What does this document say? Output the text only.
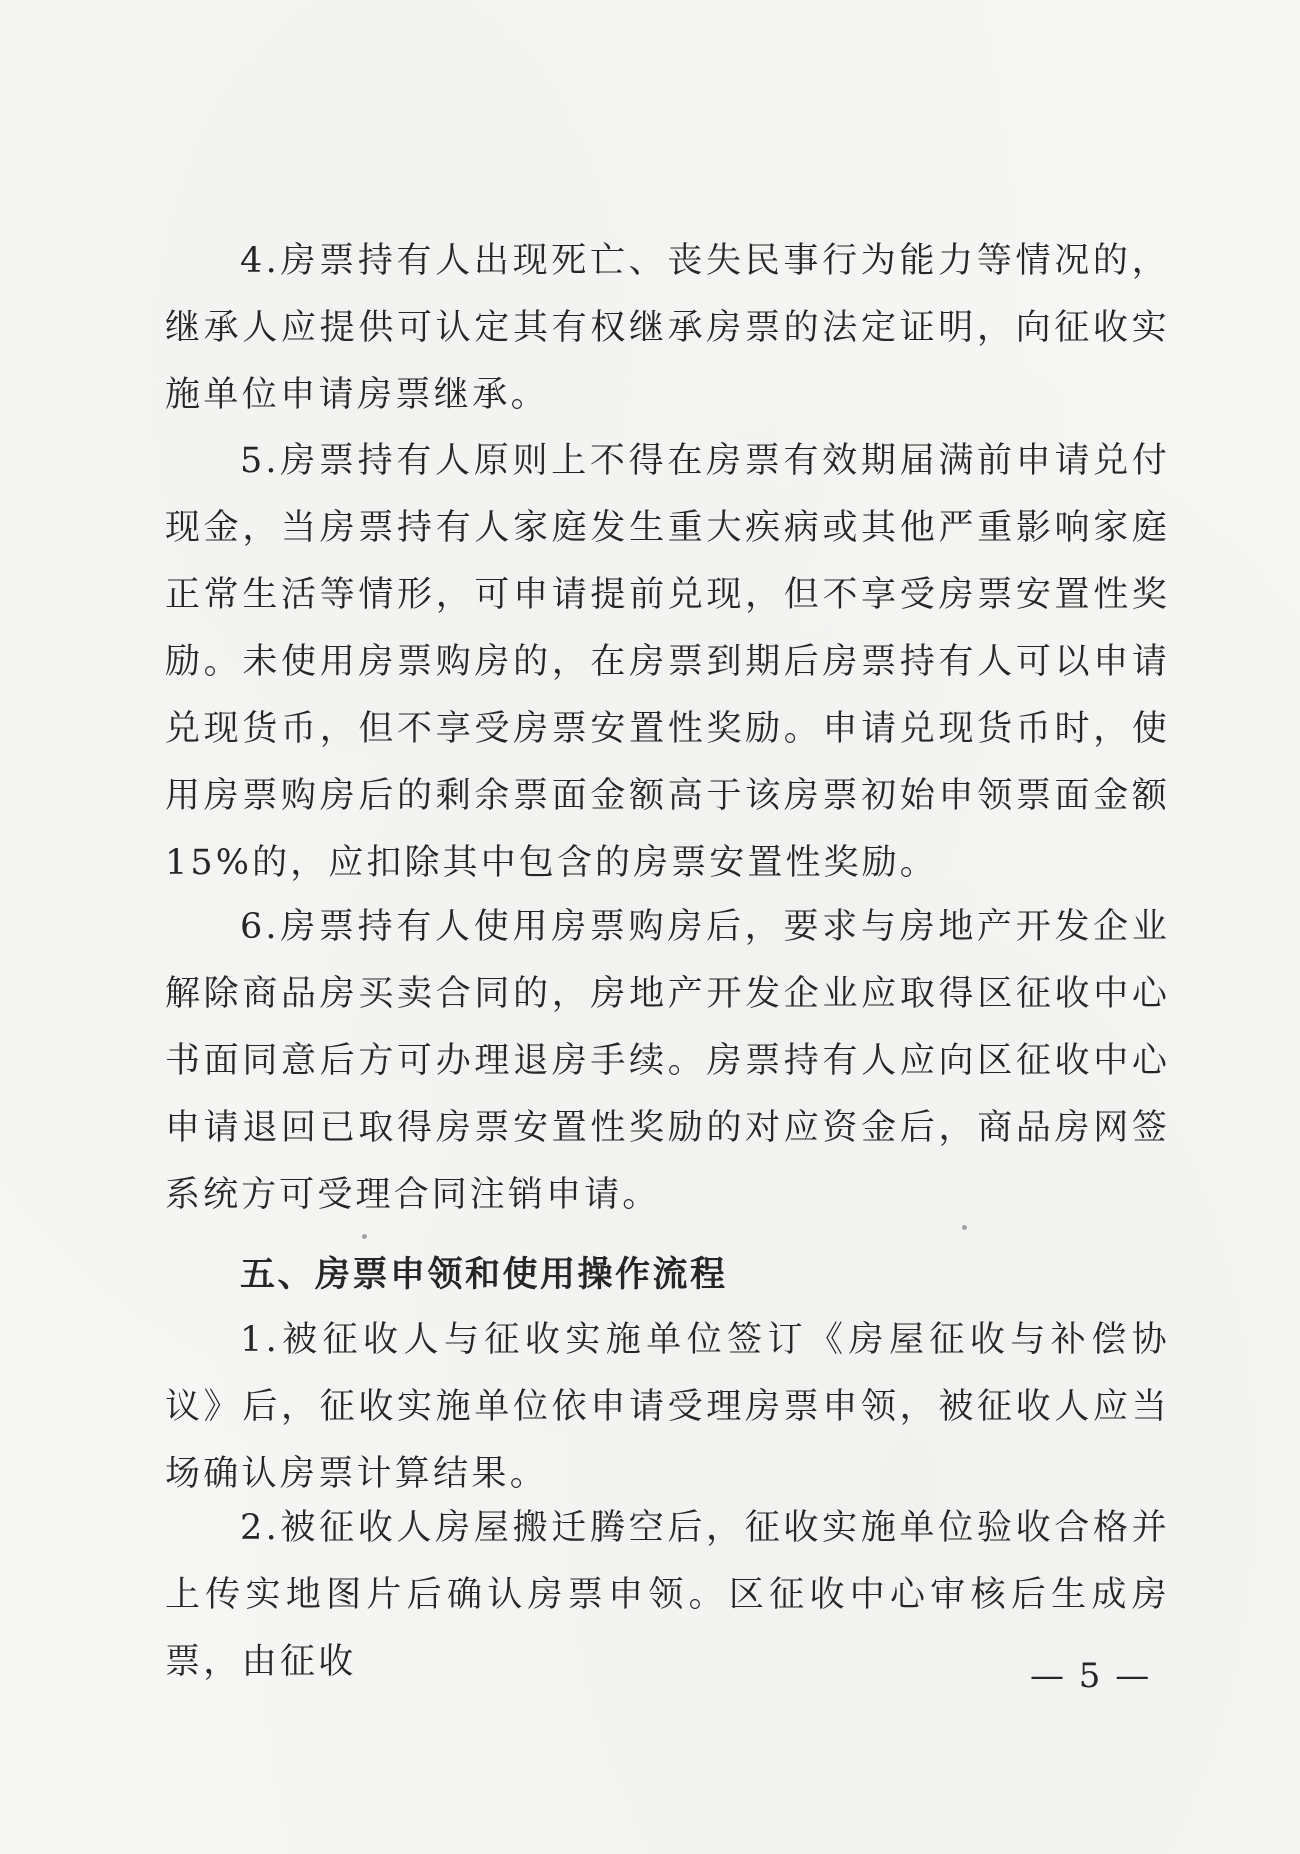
4.房票持有人出现死亡、丧失民事行为能力等情况的，继承人应提供可认定其有权继承房票的法定证明，向征收实施单位申请房票继承。

5.房票持有人原则上不得在房票有效期届满前申请兑付现金，当房票持有人家庭发生重大疾病或其他严重影响家庭正常生活等情形，可申请提前兑现，但不享受房票安置性奖励。未使用房票购房的，在房票到期后房票持有人可以申请兑现货币，但不享受房票安置性奖励。申请兑现货币时，使用房票购房后的剩余票面金额高于该房票初始申领票面金额15%的，应扣除其中包含的房票安置性奖励。

6.房票持有人使用房票购房后，要求与房地产开发企业解除商品房买卖合同的，房地产开发企业应取得区征收中心书面同意后方可办理退房手续。房票持有人应向区征收中心申请退回已取得房票安置性奖励的对应资金后，商品房网签系统方可受理合同注销申请。

五、房票申领和使用操作流程

1.被征收人与征收实施单位签订《房屋征收与补偿协议》后，征收实施单位依申请受理房票申领，被征收人应当场确认房票计算结果。

2.被征收人房屋搬迁腾空后，征收实施单位验收合格并上传实地图片后确认房票申领。区征收中心审核后生成房票，由征收	— 5 —
